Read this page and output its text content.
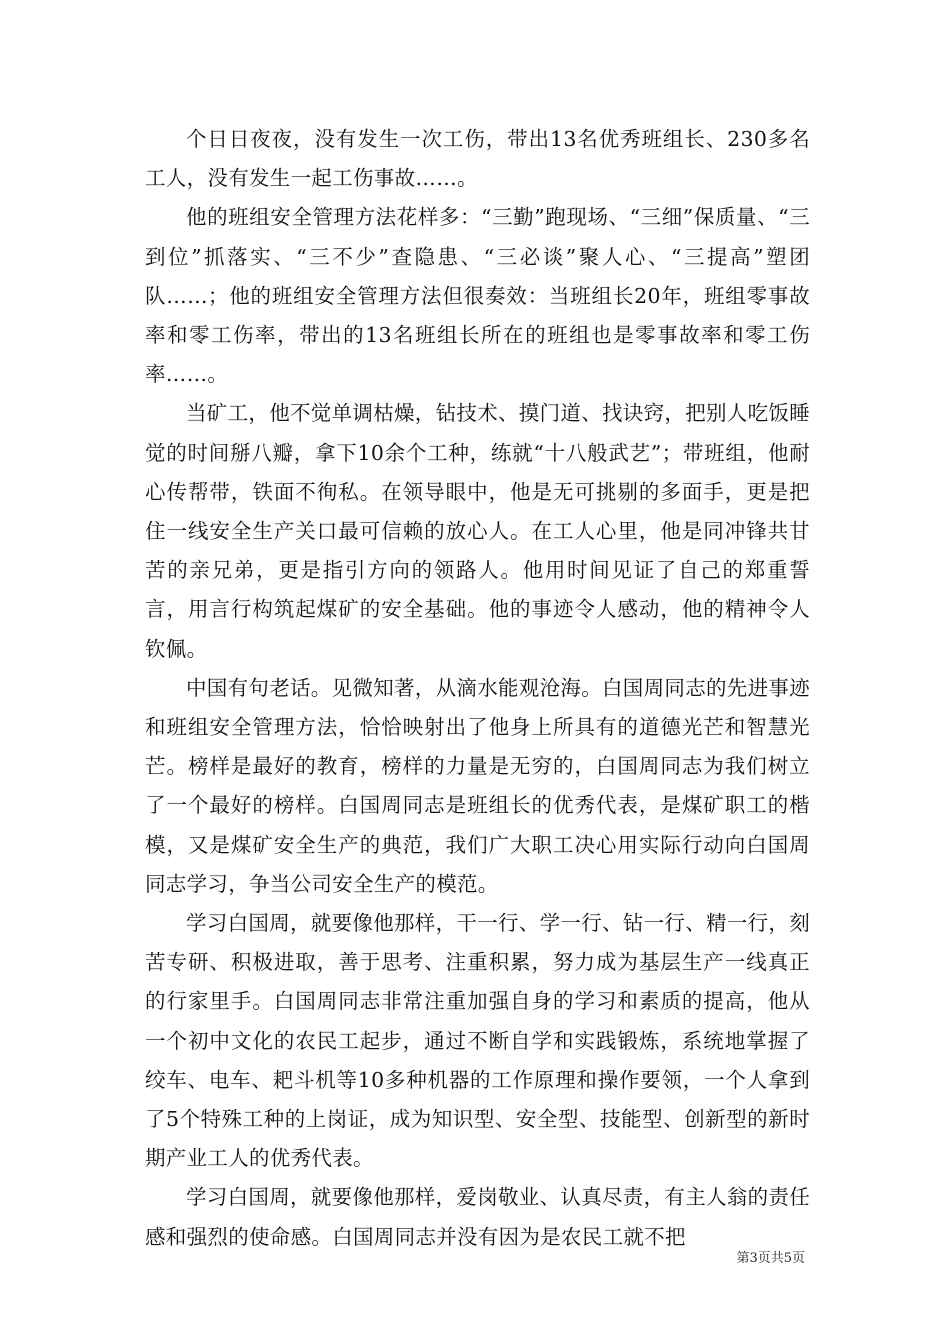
个日日夜夜，没有发生一次工伤，带出13名优秀班组长、230多名工人，没有发生一起工伤事故……。

他的班组安全管理方法花样多：“三勤”跑现场、“三细”保质量、“三到位”抓落实、“三不少”查隐患、“三必谈”聚人心、“三提高”塑团队……；他的班组安全管理方法但很奏效：当班组长20年，班组零事故率和零工伤率，带出的13名班组长所在的班组也是零事故率和零工伤率……。

当矿工，他不觉单调枯燥，钻技术、摸门道、找诀窍，把别人吃饭睡觉的时间掰八瓣，拿下10余个工种，练就“十八般武艺”；带班组，他耐心传帮带，铁面不徇私。在领导眼中，他是无可挑剔的多面手，更是把住一线安全生产关口最可信赖的放心人。在工人心里，他是同冲锋共甘苦的亲兄弟，更是指引方向的领路人。他用时间见证了自己的郑重誓言，用言行构筑起煤矿的安全基础。他的事迹令人感动，他的精神令人钦佩。

中国有句老话。见微知著，从滴水能观沧海。白国周同志的先进事迹和班组安全管理方法，恰恰映射出了他身上所具有的道德光芒和智慧光芒。榜样是最好的教育，榜样的力量是无穷的，白国周同志为我们树立了一个最好的榜样。白国周同志是班组长的优秀代表，是煤矿职工的楷模，又是煤矿安全生产的典范，我们广大职工决心用实际行动向白国周同志学习，争当公司安全生产的模范。

学习白国周，就要像他那样，干一行、学一行、钻一行、精一行，刻苦专研、积极进取，善于思考、注重积累，努力成为基层生产一线真正的行家里手。白国周同志非常注重加强自身的学习和素质的提高，他从一个初中文化的农民工起步，通过不断自学和实践锻炼，系统地掌握了绞车、电车、耙斗机等10多种机器的工作原理和操作要领，一个人拿到了5个特殊工种的上岗证，成为知识型、安全型、技能型、创新型的新时期产业工人的优秀代表。

学习白国周，就要像他那样，爱岗敬业、认真尽责，有主人翁的责任感和强烈的使命感。白国周同志并没有因为是农民工就不把

第3页共5页
